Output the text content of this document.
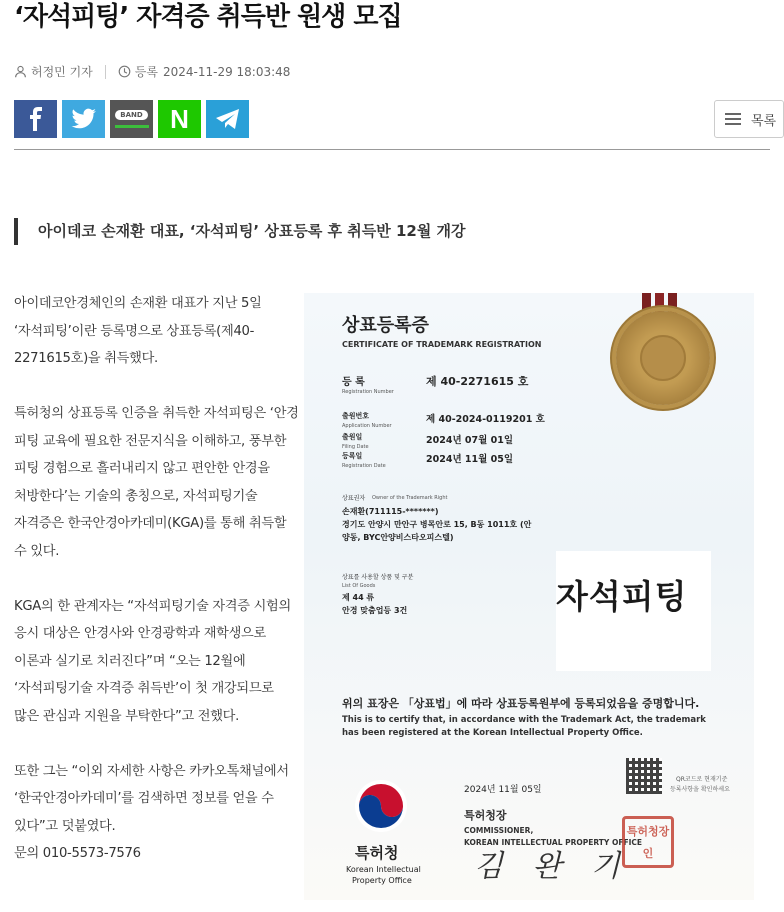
‘자석피팅’ 자격증 취득반 원생 모집
허정민 기자	등록 2024-11-29 18:03:48
BAND N	목록
아이데코 손재환 대표, ‘자석피팅’ 상표등록 후 취득반 12월 개강

아이데코안경체인의 손재환 대표가 지난 5일 ‘자석피팅’이란 등록명으로 상표등록(제40-2271615호)을 취득했다.

특허청의 상표등록 인증을 취득한 자석피팅은 ‘안경 피팅 교육에 필요한 전문지식을 이해하고, 풍부한 피팅 경험으로 흘러내리지 않고 편안한 안경을 처방한다’는 기술의 총칭으로, 자석피팅기술 자격증은 한국안경아카데미(KGA)를 통해 취득할 수 있다.

KGA의 한 관계자는 “자석피팅기술 자격증 시험의 응시 대상은 안경사와 안경광학과 재학생으로 이론과 실기로 치러진다”며 “오는 12월에 ‘자석피팅기술 자격증 취득반’이 첫 개강되므로 많은 관심과 지원을 부탁한다”고 전했다.

또한 그는 “이외 자세한 사항은 카카오톡채널에서 ‘한국안경아카데미’를 검색하면 정보를 얻을 수 있다”고 덧붙였다.

문의 010-5573-7576

상표등록증
CERTIFICATE OF TRADEMARK REGISTRATION
등 록
Registration Number
제 40-2271615 호
출원번호
Application Number
제 40-2024-0119201 호
출원일
Filing Date
2024년 07월 01일
등록일
Registration Date
2024년 11월 05일
상표권자 Owner of the Trademark Right
손재환(711115-*******)
경기도 안양시 만안구 병목안로 15, B동 1011호 (안
양동, BYC안양비스타오피스텔)
상표를 사용할 상품 및 구분
List Of Goods
제 44 류
안경 맞춤업등 3건	자석피팅
위의 표장은 「상표법」에 따라 상표등록원부에 등록되었음을 증명합니다.
This is to certify that, in accordance with the Trademark Act, the trademark
has been registered at the Korean Intellectual Property Office.
2024년 11월 05일
QR코드로 현재기준
등록사항을 확인하세요
특허청장
COMMISSIONER,
KOREAN INTELLECTUAL PROPERTY OFFICE
김 완 기
특허청장인
특허청
Korean Intellectual
Property Office
